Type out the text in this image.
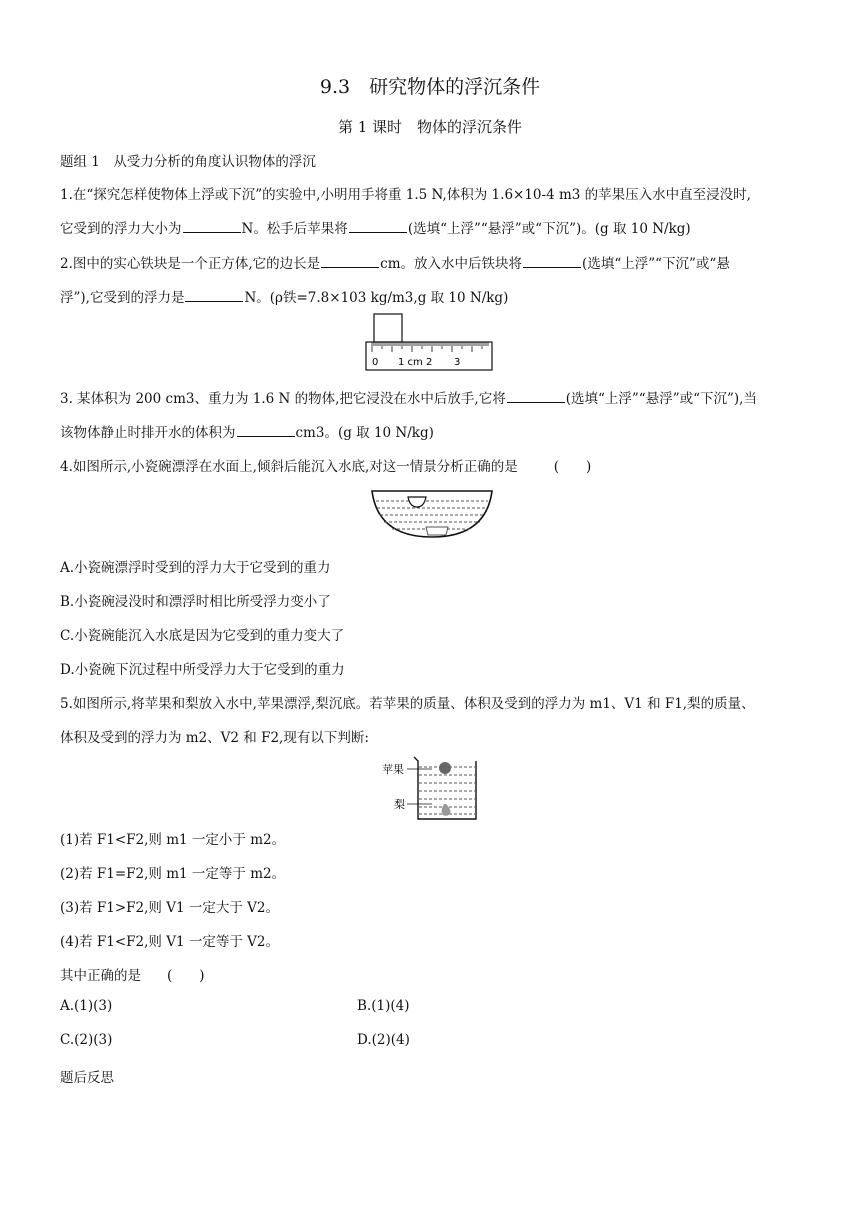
9.3　研究物体的浮沉条件
第 1 课时　物体的浮沉条件
题组 1　从受力分析的角度认识物体的浮沉
1.在“探究怎样使物体上浮或下沉”的实验中,小明用手将重 1.5 N,体积为 1.6×10-4 m3 的苹果压入水中直至浸没时,
它受到的浮力大小为	N。松手后苹果将	(选填“上浮”“悬浮”或“下沉”)。(g 取 10 N/kg)
2.图中的实心铁块是一个正方体,它的边长是	cm。放入水中后铁块将	(选填“上浮”“下沉”或“悬
浮”),它受到的浮力是	N。(ρ铁=7.8×103 kg/m3,g 取 10 N/kg)
0 1 cm 2 3
3. 某体积为 200 cm3、重力为 1.6 N 的物体,把它浸没在水中后放手,它将	(选填“上浮”“悬浮”或“下沉”),当
该物体静止时排开水的体积为	cm3。(g 取 10 N/kg)
4.如图所示,小瓷碗漂浮在水面上,倾斜后能沉入水底,对这一情景分析正确的是	(　　)
A.小瓷碗漂浮时受到的浮力大于它受到的重力
B.小瓷碗浸没时和漂浮时相比所受浮力变小了
C.小瓷碗能沉入水底是因为它受到的重力变大了
D.小瓷碗下沉过程中所受浮力大于它受到的重力
5.如图所示,将苹果和梨放入水中,苹果漂浮,梨沉底。若苹果的质量、体积及受到的浮力为 m1、V1 和 F1,梨的质量、
体积及受到的浮力为 m2、V2 和 F2,现有以下判断:
苹果
梨
(1)若 F1<F2,则 m1 一定小于 m2。
(2)若 F1=F2,则 m1 一定等于 m2。
(3)若 F1>F2,则 V1 一定大于 V2。
(4)若 F1<F2,则 V1 一定等于 V2。
其中正确的是 (　　)
A.(1)(3)	B.(1)(4)
C.(2)(3)	D.(2)(4)
题后反思
